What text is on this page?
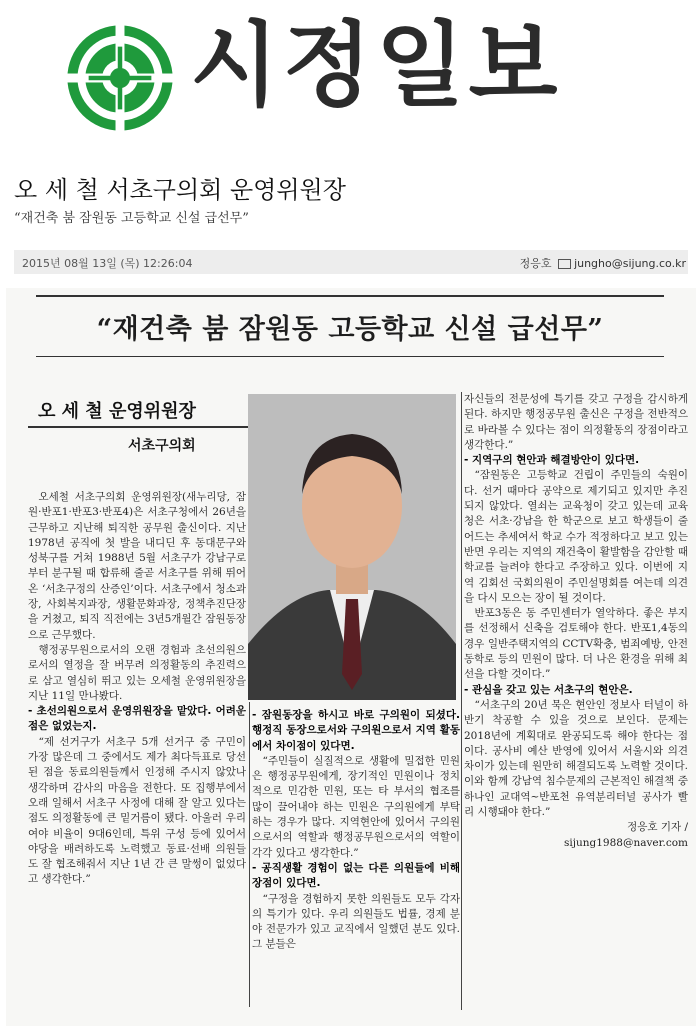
시정일보
오 세 철 서초구의회 운영위원장
“재건축 붐 잠원동 고등학교 신설 급선무”
2015년 08월 13일 (목) 12:26:04	정응호 jungho@sijung.co.kr
“재건축 붐 잠원동 고등학교 신설 급선무”
오 세 철 운영위원장
서초구의회

오세철 서초구의회 운영위원장(새누리당, 잠원·반포1·반포3·반포4)은 서초구청에서 26년을 근무하고 지난해 퇴직한 공무원 출신이다. 지난 1978년 공직에 첫 발을 내디딘 후 동대문구와 성북구를 거쳐 1988년 5월 서초구가 강남구로부터 분구될 때 합류해 줄곧 서초구를 위해 뛰어온 ‘서초구정의 산증인’이다. 서초구에서 청소과장, 사회복지과장, 생활문화과장, 정책추진단장을 거쳤고, 퇴직 직전에는 3년5개월간 잠원동장으로 근무했다.

행정공무원으로서의 오랜 경험과 초선의원으로서의 열정을 잘 버무려 의정활동의 추진력으로 삼고 열심히 뛰고 있는 오세철 운영위원장을 지난 11일 만나봤다.

- 초선의원으로서 운영위원장을 맡았다. 어려운 점은 없었는지.

“제 선거구가 서초구 5개 선거구 중 구민이 가장 많은데 그 중에서도 제가 최다득표로 당선된 점을 동료의원들께서 인정해 주시지 않았나 생각하며 감사의 마음을 전한다. 또 집행부에서 오래 일해서 서초구 사정에 대해 잘 알고 있다는 점도 의정활동에 큰 밑거름이 됐다. 아울러 우리 여야 비율이 9대6인데, 특위 구성 등에 있어서 야당을 배려하도록 노력했고 동료·선배 의원들도 잘 협조해줘서 지난 1년 간 큰 말썽이 없었다고 생각한다.”

- 잠원동장을 하시고 바로 구의원이 되셨다. 행정직 동장으로서와 구의원으로서 지역 활동에서 차이점이 있다면.

“주민들이 실질적으로 생활에 밀접한 민원은 행정공무원에게, 장기적인 민원이나 정치적으로 민감한 민원, 또는 타 부서의 협조를 많이 끌어내야 하는 민원은 구의원에게 부탁하는 경우가 많다. 지역현안에 있어서 구의원으로서의 역할과 행정공무원으로서의 역할이 각각 있다고 생각한다.”

- 공직생활 경험이 없는 다른 의원들에 비해 장점이 있다면.

“구정을 경험하지 못한 의원들도 모두 각자의 특기가 있다. 우리 의원들도 법률, 경제 분야 전문가가 있고 교직에서 일했던 분도 있다. 그 분들은

자신들의 전문성에 특기를 갖고 구정을 감시하게 된다. 하지만 행정공무원 출신은 구정을 전반적으로 바라볼 수 있다는 점이 의정활동의 장점이라고 생각한다.”

- 지역구의 현안과 해결방안이 있다면.

“잠원동은 고등학교 건립이 주민들의 숙원이다. 선거 때마다 공약으로 제기되고 있지만 추진되지 않았다. 열쇠는 교육청이 갖고 있는데 교육청은 서초·강남을 한 학군으로 보고 학생들이 줄어드는 추세여서 학교 수가 적정하다고 보고 있는 반면 우리는 지역의 재건축이 활발함을 감안할 때 학교를 늘려야 한다고 주장하고 있다. 이번에 지역 김회선 국회의원이 주민설명회를 여는데 의견을 다시 모으는 장이 될 것이다.

반포3동은 동 주민센터가 열악하다. 좋은 부지를 선정해서 신축을 검토해야 한다. 반포1,4동의 경우 일반주택지역의 CCTV확충, 범죄예방, 안전동학로 등의 민원이 많다. 더 나은 환경을 위해 최선을 다할 것이다.”

- 관심을 갖고 있는 서초구의 현안은.

“서초구의 20년 묵은 현안인 정보사 터널이 하반기 착공할 수 있을 것으로 보인다. 문제는 2018년에 계획대로 완공되도록 해야 한다는 점이다. 공사비 예산 반영에 있어서 서울시와 의견 차이가 있는데 원만히 해결되도록 노력할 것이다. 이와 함께 강남역 침수문제의 근본적인 해결책 중 하나인 교대역~반포천 유역분리터널 공사가 빨리 시행돼야 한다.”

정응호 기자 /

sijung1988@naver.com
